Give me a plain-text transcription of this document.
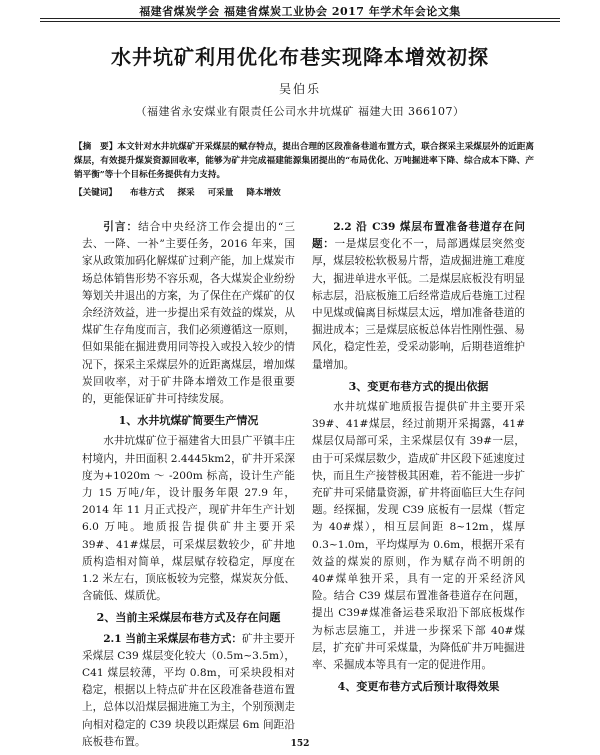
福建省煤炭学会 福建省煤炭工业协会 2017 年学术年会论文集
水井坑矿利用优化布巷实现降本增效初探
吴伯乐
（福建省永安煤业有限责任公司水井坑煤矿 福建大田 366107）
【摘　要】本文针对水井坑煤矿开采煤层的赋存特点，提出合理的区段准备巷道布置方式，联合探采主采煤层外的近距离煤层，有效提升煤炭资源回收率，能够为矿井完成福建能源集团提出的“布局优化、万吨掘进率下降、综合成本下降、产销平衡”等十个目标任务提供有力支持。
【关键词】 布巷方式 探采 可采量 降本增效

引言：结合中央经济工作会提出的“三去、一降、一补”主要任务，2016 年来，国家从政策加码化解煤矿过剩产能，加上煤炭市场总体销售形势不容乐观，各大煤炭企业纷纷筹划关井退出的方案，为了保住在产煤矿的仅余经济效益，进一步提出采有效益的煤炭，从煤矿生存角度而言，我们必须遵循这一原则，但如果能在掘进费用同等投入或投入较少的情况下，探采主采煤层外的近距离煤层，增加煤炭回收率，对于矿井降本增效工作是很重要的，更能保证矿井可持续发展。

1、水井坑煤矿简要生产情况

水井坑煤矿位于福建省大田县广平镇丰庄村境内，井田面积 2.4445km2，矿井开采深度为+1020m ～ -200m 标高，设计生产能力 15 万吨/年，设计服务年限 27.9 年，2014 年 11 月正式投产，现矿井年生产计划 6.0 万吨。地质报告提供矿井主要开采 39#、41#煤层，可采煤层数较少，矿井地质构造相对简单，煤层赋存较稳定，厚度在 1.2 米左右，顶底板较为完整，煤炭灰分低、含硫低、煤质优。

2、当前主采煤层布巷方式及存在问题

2.1 当前主采煤层布巷方式：矿井主要开采煤层 C39 煤层变化较大（0.5m~3.5m），C41 煤层较薄，平均 0.8m，可采块段相对稳定，根据以上特点矿井在区段准备巷道布置上，总体以沿煤层掘进施工为主，个别预测走向相对稳定的 C39 块段以距煤层 6m 间距沿底板巷布置。

2.2 沿 C39 煤层布置准备巷道存在问题：一是煤层变化不一，局部遇煤层突然变厚，煤层较松软极易片帮，造成掘进施工难度大，掘进单进水平低。二是煤层底板没有明显标志层，沿底板施工后经常造成后巷施工过程中见煤或偏离目标煤层太远，增加准备巷道的掘进成本；三是煤层底板总体岩性刚性强、易风化，稳定性差，受采动影响，后期巷道维护量增加。

3、变更布巷方式的提出依据

水井坑煤矿地质报告提供矿井主要开采 39#、41#煤层，经过前期开采揭露，41#煤层仅局部可采，主采煤层仅有 39#一层，由于可采煤层数少，造成矿井区段下延速度过快，而且生产接替极其困难，若不能进一步扩充矿井可采储量资源，矿井将面临巨大生存问题。经探掘，发现 C39 底板有一层煤（暂定为 40#煤），相互层间距 8~12m，煤厚 0.3~1.0m，平均煤厚为 0.6m，根据开采有效益的煤炭的原则，作为赋存尚不明朗的 40#煤单独开采，具有一定的开采经济风险。结合 C39 煤层布置准备巷道存在问题，提出 C39#煤准备运巷采取沿下部底板煤作为标志层施工，并进一步探采下部 40#煤层，扩充矿井可采煤量，为降低矿井万吨掘进率、采掘成本等具有一定的促进作用。

4、变更布巷方式后预计取得效果
152
